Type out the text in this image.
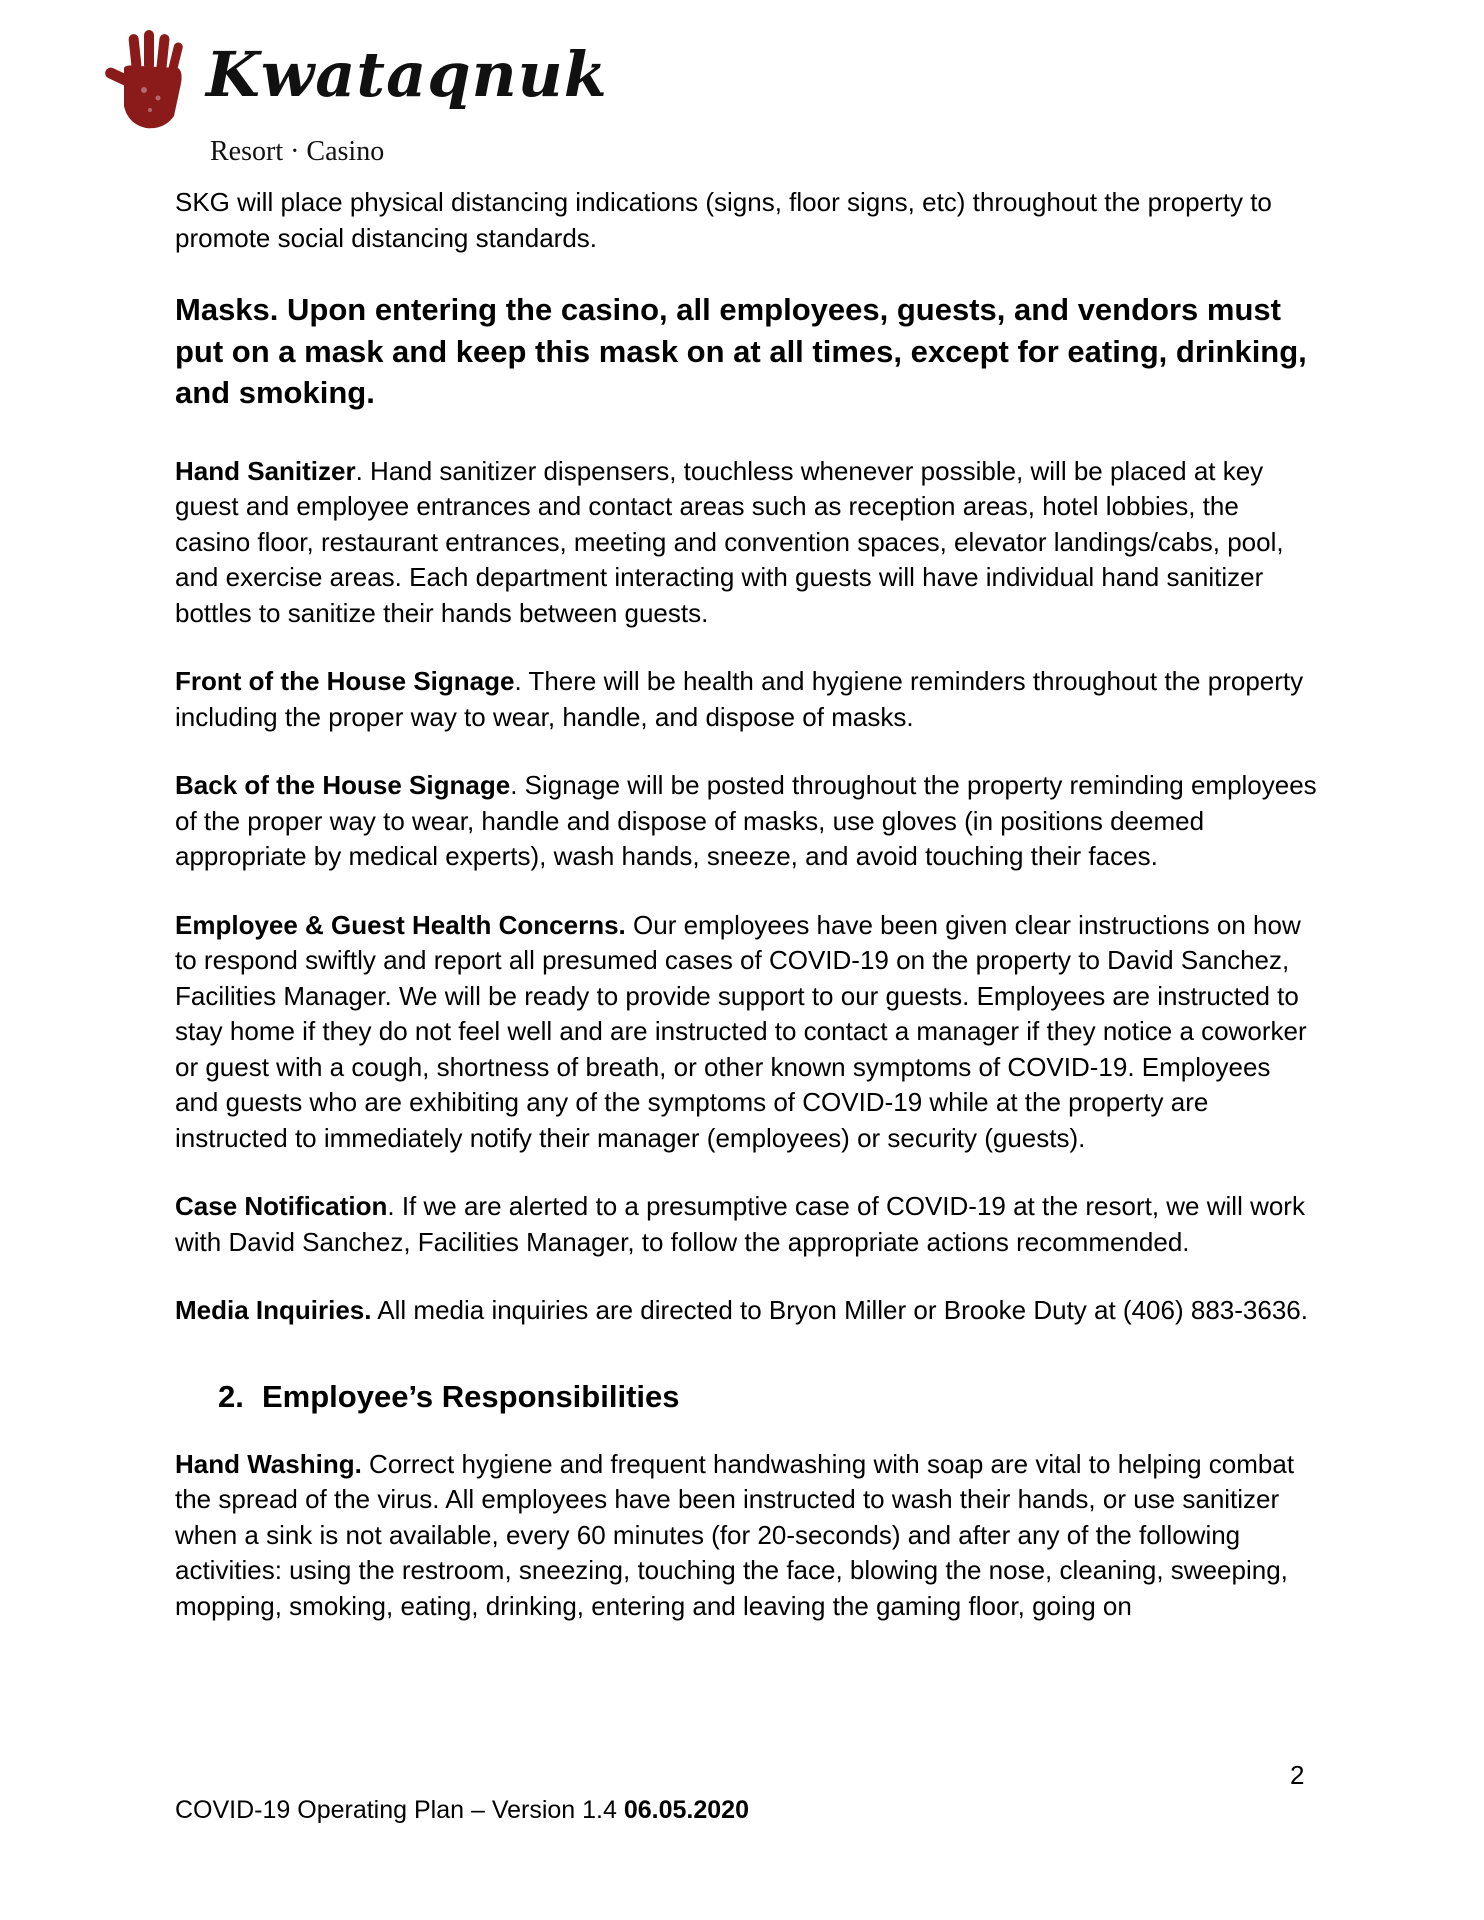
Kwataqnuk
Resort · Casino

SKG will place physical distancing indications (signs, floor signs, etc) throughout the property to promote social distancing standards.

Masks. Upon entering the casino, all employees, guests, and vendors must put on a mask and keep this mask on at all times, except for eating, drinking, and smoking.

Hand Sanitizer. Hand sanitizer dispensers, touchless whenever possible, will be placed at key guest and employee entrances and contact areas such as reception areas, hotel lobbies, the casino floor, restaurant entrances, meeting and convention spaces, elevator landings/cabs, pool, and exercise areas. Each department interacting with guests will have individual hand sanitizer bottles to sanitize their hands between guests.

Front of the House Signage. There will be health and hygiene reminders throughout the property including the proper way to wear, handle, and dispose of masks.

Back of the House Signage. Signage will be posted throughout the property reminding employees of the proper way to wear, handle and dispose of masks, use gloves (in positions deemed appropriate by medical experts), wash hands, sneeze, and avoid touching their faces.

Employee & Guest Health Concerns. Our employees have been given clear instructions on how to respond swiftly and report all presumed cases of COVID-19 on the property to David Sanchez, Facilities Manager. We will be ready to provide support to our guests. Employees are instructed to stay home if they do not feel well and are instructed to contact a manager if they notice a coworker or guest with a cough, shortness of breath, or other known symptoms of COVID-19. Employees and guests who are exhibiting any of the symptoms of COVID-19 while at the property are instructed to immediately notify their manager (employees) or security (guests).

Case Notification. If we are alerted to a presumptive case of COVID-19 at the resort, we will work with David Sanchez, Facilities Manager, to follow the appropriate actions recommended.

Media Inquiries. All media inquiries are directed to Bryon Miller or Brooke Duty at (406) 883-3636.

2. Employee’s Responsibilities

Hand Washing. Correct hygiene and frequent handwashing with soap are vital to helping combat the spread of the virus. All employees have been instructed to wash their hands, or use sanitizer when a sink is not available, every 60 minutes (for 20-seconds) and after any of the following activities: using the restroom, sneezing, touching the face, blowing the nose, cleaning, sweeping, mopping, smoking, eating, drinking, entering and leaving the gaming floor, going on

2
COVID-19 Operating Plan – Version 1.4 06.05.2020
